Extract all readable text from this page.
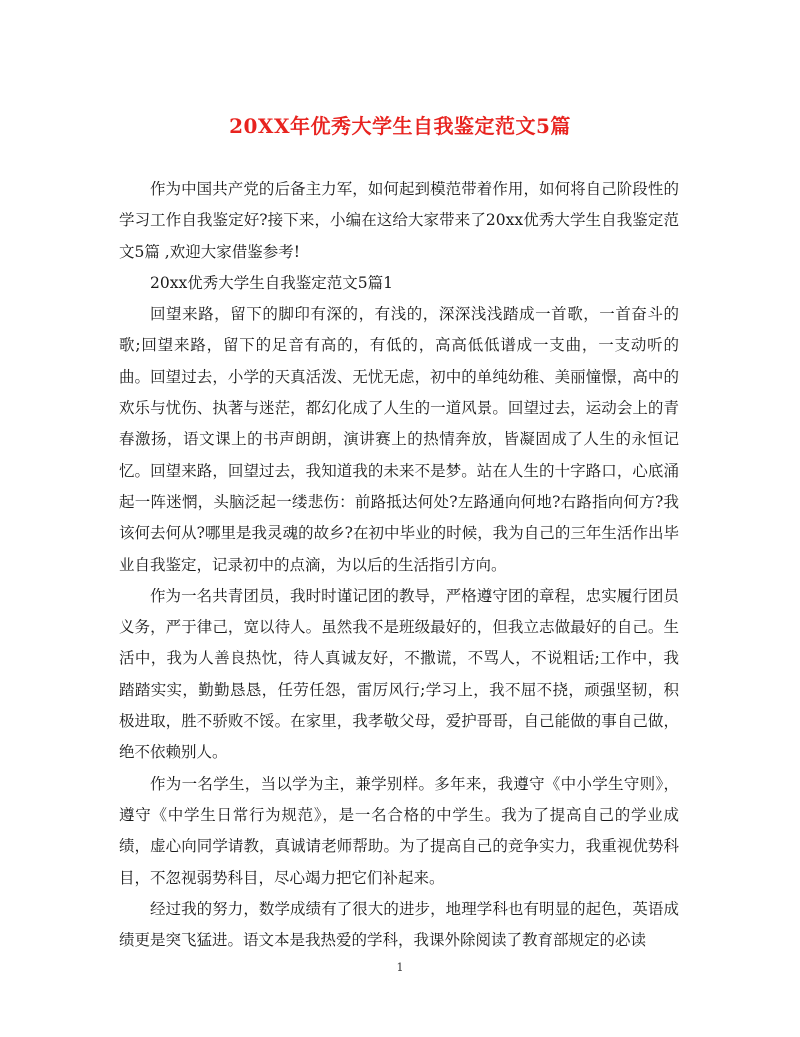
20XX年优秀大学生自我鉴定范文5篇

作为中国共产党的后备主力军，如何起到模范带着作用，如何将自己阶段性的学习工作自我鉴定好?接下来，小编在这给大家带来了20xx优秀大学生自我鉴定范文5篇 ,欢迎大家借鉴参考!

20xx优秀大学生自我鉴定范文5篇1

回望来路，留下的脚印有深的，有浅的，深深浅浅踏成一首歌，一首奋斗的歌;回望来路，留下的足音有高的，有低的，高高低低谱成一支曲，一支动听的曲。回望过去，小学的天真活泼、无忧无虑，初中的单纯幼稚、美丽憧憬，高中的欢乐与忧伤、执著与迷茫，都幻化成了人生的一道风景。回望过去，运动会上的青春激扬，语文课上的书声朗朗，演讲赛上的热情奔放，皆凝固成了人生的永恒记忆。回望来路，回望过去，我知道我的未来不是梦。站在人生的十字路口，心底涌起一阵迷惘，头脑泛起一缕悲伤：前路抵达何处?左路通向何地?右路指向何方?我该何去何从?哪里是我灵魂的故乡?在初中毕业的时候，我为自己的三年生活作出毕业自我鉴定，记录初中的点滴，为以后的生活指引方向。

作为一名共青团员，我时时谨记团的教导，严格遵守团的章程，忠实履行团员义务，严于律己，宽以待人。虽然我不是班级最好的，但我立志做最好的自己。生活中，我为人善良热忱，待人真诚友好，不撒谎，不骂人，不说粗话;工作中，我踏踏实实，勤勤恳恳，任劳任怨，雷厉风行;学习上，我不屈不挠，顽强坚韧，积极进取，胜不骄败不馁。在家里，我孝敬父母，爱护哥哥，自己能做的事自己做，绝不依赖别人。

作为一名学生，当以学为主，兼学别样。多年来，我遵守《中小学生守则》，遵守《中学生日常行为规范》，是一名合格的中学生。我为了提高自己的学业成绩，虚心向同学请教，真诚请老师帮助。为了提高自己的竞争实力，我重视优势科目，不忽视弱势科目，尽心竭力把它们补起来。

经过我的努力，数学成绩有了很大的进步，地理学科也有明显的起色，英语成绩更是突飞猛进。语文本是我热爱的学科，我课外除阅读了教育部规定的必读

1
